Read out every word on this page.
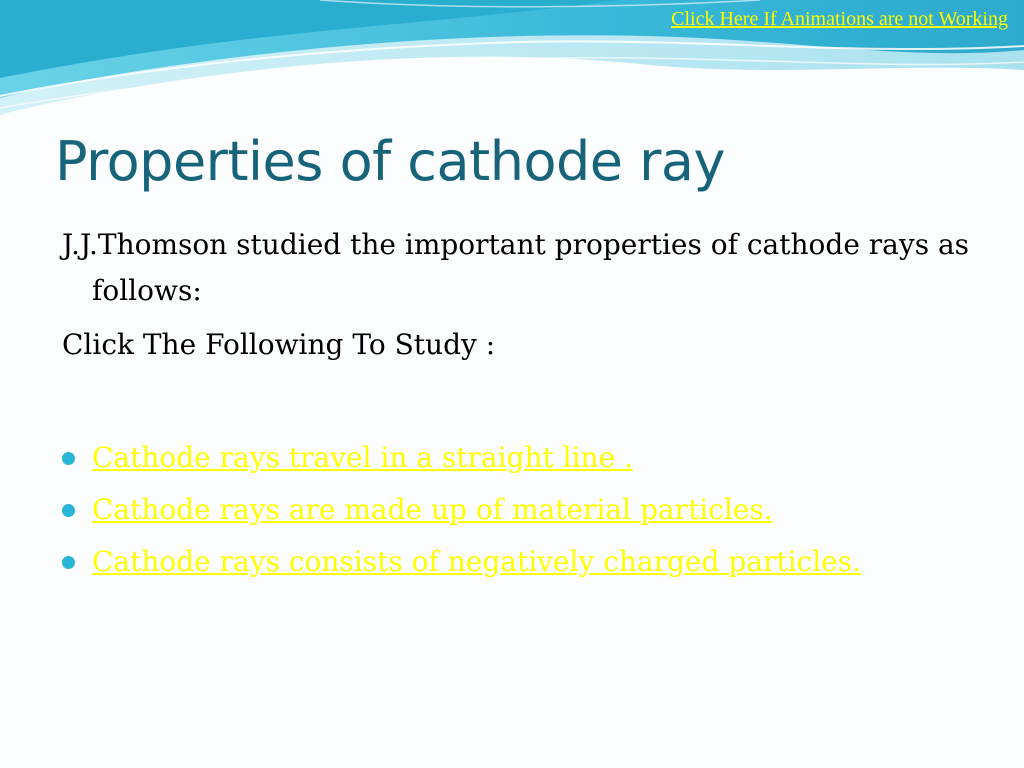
Click Here If Animations are not Working
Properties of cathode ray

J.J.Thomson studied the important properties of cathode rays as follows:

Click The Following To Study :

Cathode rays travel in a straight line .
Cathode rays are made up of material particles.
Cathode rays consists of negatively charged particles.
